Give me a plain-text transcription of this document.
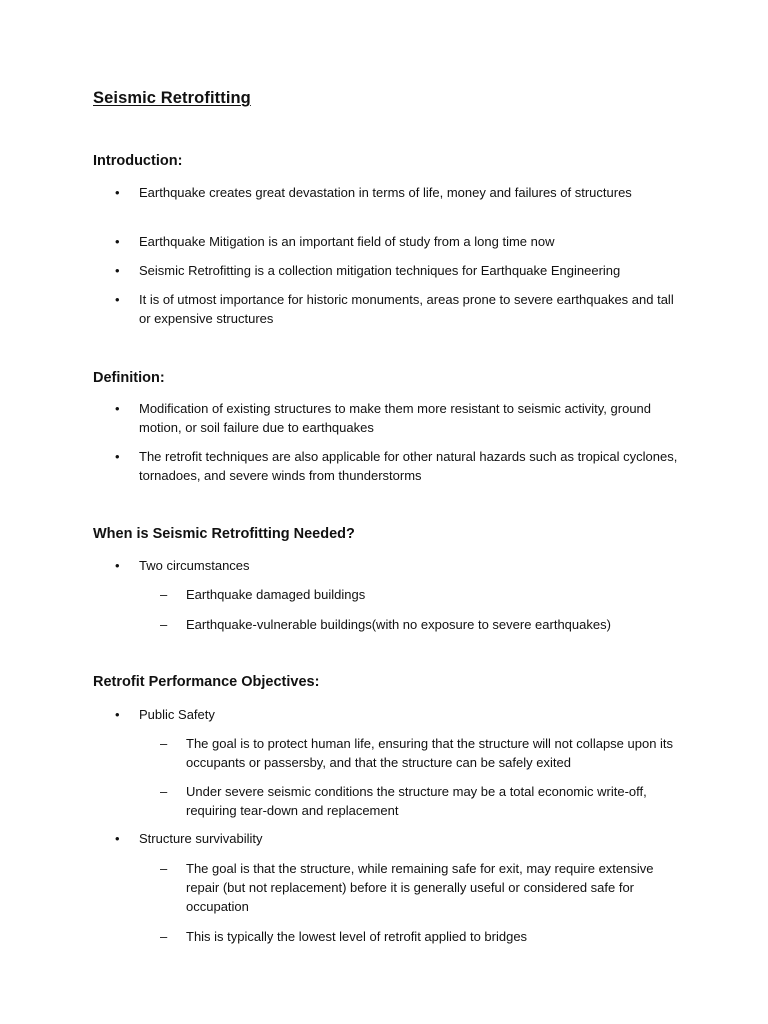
Seismic Retrofitting
Introduction:
• Earthquake creates great devastation in terms of life, money and failures of structures
• Earthquake Mitigation is an important field of study from a long time now
• Seismic Retrofitting is a collection mitigation techniques for Earthquake Engineering
• It is of utmost importance for historic monuments, areas prone to severe earthquakes and tall or expensive structures
Definition:
• Modification of existing structures to make them more resistant to seismic activity, ground motion, or soil failure due to earthquakes
• The retrofit techniques are also applicable for other natural hazards such as tropical cyclones, tornadoes, and severe winds from thunderstorms
When is Seismic Retrofitting Needed?
• Two circumstances
– Earthquake damaged buildings
– Earthquake-vulnerable buildings(with no exposure to severe earthquakes)
Retrofit Performance Objectives:
• Public Safety
– The goal is to protect human life, ensuring that the structure will not collapse upon its occupants or passersby, and that the structure can be safely exited
– Under severe seismic conditions the structure may be a total economic write-off, requiring tear-down and replacement
• Structure survivability
– The goal is that the structure, while remaining safe for exit, may require extensive repair (but not replacement) before it is generally useful or considered safe for occupation
– This is typically the lowest level of retrofit applied to bridges
